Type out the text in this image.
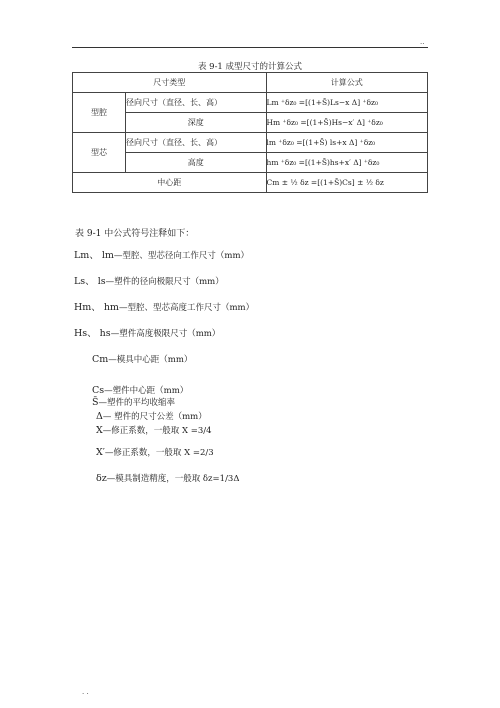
..
表 9-1 成型尺寸的计算公式
尺寸类型		计算公式
型腔	径向尺寸（直径、长、高）	Lm ⁺δz₀ =[(1+S̄)Ls−x Δ] ⁺δz₀
	深度	Hm ⁺δz₀ =[(1+S̄)Hs−x′ Δ] ⁺δz₀
型芯	径向尺寸（直径、长、高）	lm ⁺δz₀ =[(1+S̄) ls+x Δ] ⁺δz₀
	高度	hm ⁺δz₀ =[(1+S̄)hs+x′ Δ] ⁺δz₀
中心距		Cm ± ½ δz =[(1+S̄)Cs] ± ½ δz
表 9-1 中公式符号注释如下：
Lm、 lm—型腔、型芯径向工作尺寸（mm）
Ls、 ls—塑件的径向极限尺寸（mm）
Hm、 hm—型腔、型芯高度工作尺寸（mm）
Hs、 hs—塑件高度极限尺寸（mm）
Cm—模具中心距（mm）
Cs—塑件中心距（mm）
S̄—塑件的平均收缩率
Δ— 塑件的尺寸公差（mm）
X—修正系数，一般取 X =3/4
X′—修正系数，一般取 X =2/3
δz—模具制造精度，一般取 δz=1/3Δ
. .
